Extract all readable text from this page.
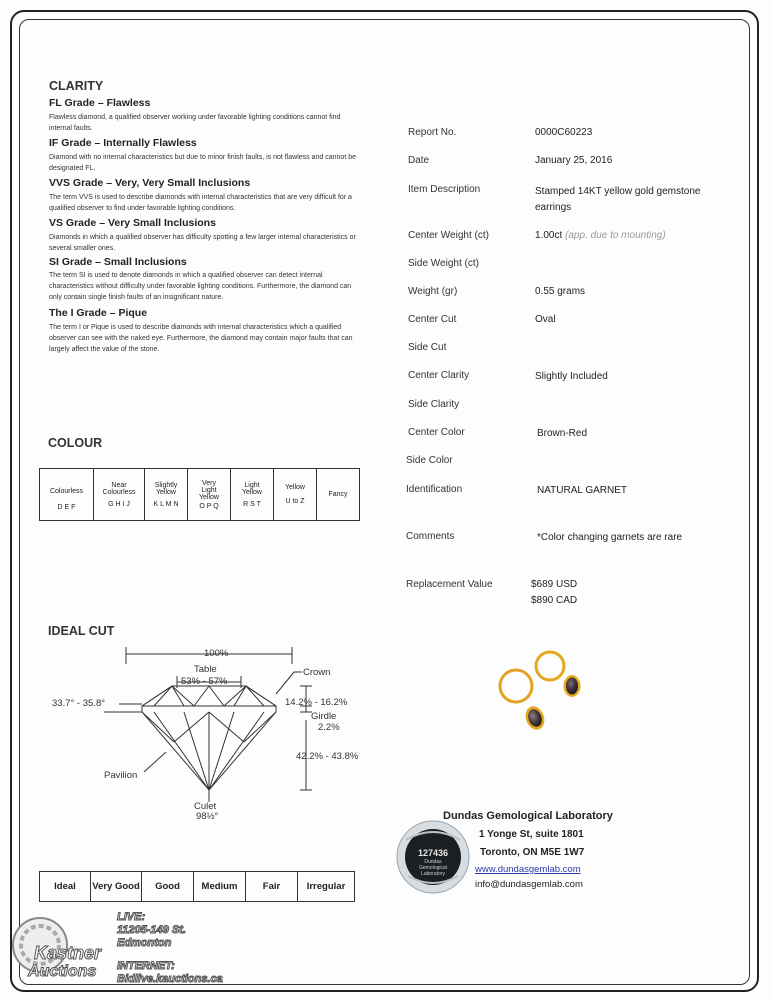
CLARITY
FL Grade – Flawless
Flawless diamond, a qualified observer working under favorable lighting conditions cannot find internal faults.
IF Grade – Internally Flawless
Diamond with no internal characteristics but due to minor finish faults, is not flawless and cannot be designated FL.
VVS Grade – Very, Very Small Inclusions
The term VVS is used to describe diamonds with internal characteristics that are very difficult for a qualified observer to find under favorable lighting conditions.
VS Grade – Very Small Inclusions
Diamonds in which a qualified observer has difficulty spotting a few larger internal characteristics or several smaller ones.
SI Grade – Small Inclusions
The term SI is used to denote diamonds in which a qualified observer can detect internal characteristics without difficulty under favorable lighting conditions. Furthermore, the diamond can only contain single finish faults of an insignificant nature.
The I Grade – Pique
The term I or Pique is used to describe diamonds with internal characteristics which a qualified observer can see with the naked eye. Furthermore, the diamond may contain major faults that can largely affect the value of the stone.
COLOUR
Colourless
D E F

Near Colourless
G H I J

Slightly Yellow
K L M N

Very Light Yellow
O P Q

Light Yellow
R S T

Yellow
U to Z

Fancy
IDEAL CUT
100%
Table
53% - 57%
Crown
33.7° - 35.8°	14.2% - 16.2%
Girdle
2.2%
42.2% - 43.8%
Pavilion
Culet
98½°
Ideal	Very Good	Good	Medium	Fair	Irregular
Report No.	0000C60223
Date	January 25, 2016
Item Description	Stamped 14KT yellow gold gemstone earrings
Center Weight (ct)	1.00ct (app. due to mounting)
Side Weight (ct)
Weight (gr)	0.55 grams
Center Cut	Oval
Side Cut
Center Clarity	Slightly Included
Side Clarity
Center Color	Brown-Red
Side Color
Identification	NATURAL GARNET
Comments	*Color changing garnets are rare
Replacement Value	$689 USD
$890 CAD
Dundas Gemological Laboratory
1 Yonge St, suite 1801
Toronto, ON M5E 1W7
www.dundasgemlab.com
info@dundasgemlab.com
127436
Dundas Gemological Laboratory
Kastner
Auctions
LIVE:
11205-149 St.
Edmonton
INTERNET:
Bidlive.kauctions.ca
